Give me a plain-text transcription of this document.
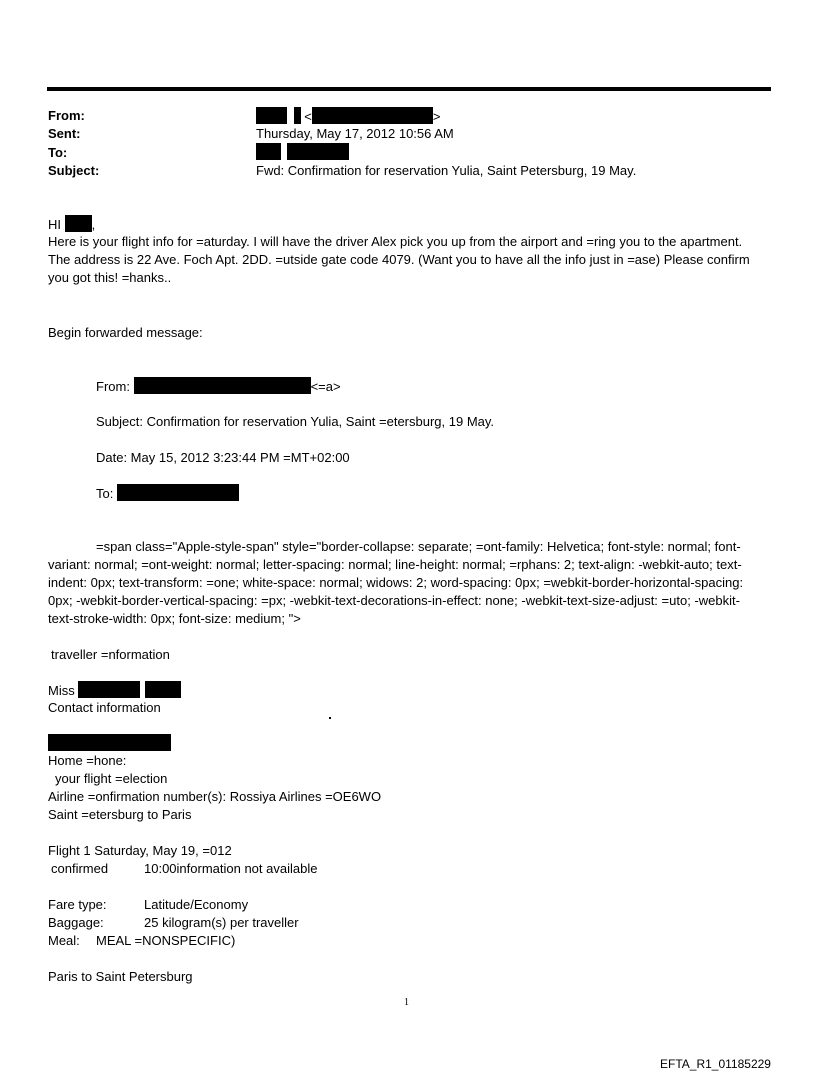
From:	<	>
Sent:	Thursday, May 17, 2012 10:56 AM
To:

Subject:	Fwd: Confirmation for reservation Yulia, Saint Petersburg, 19 May.
HI ,
Here is your flight info for =aturday. I will have the driver Alex pick you up from the airport and =ring you to the apartment. The address is 22 Ave. Foch Apt. 2DD. =utside gate code 4079. (Want you to have all the info just in =ase) Please confirm you got this! =hanks..
Begin forwarded message:
From:	<=a>
Subject: Confirmation for reservation Yulia, Saint =etersburg, 19 May.
Date: May 15, 2012 3:23:44 PM =MT+02:00
To:
=span class="Apple-style-span" style="border-collapse: separate; =ont-family: Helvetica; font-style: normal; font-variant: normal; =ont-weight: normal; letter-spacing: normal; line-height: normal; =rphans: 2; text-align: -webkit-auto; text-indent: 0px; text-transform: =one; white-space: normal; widows: 2; word-spacing: 0px; =webkit-border-horizontal-spacing: 0px; -webkit-border-vertical-spacing: =px; -webkit-text-decorations-in-effect: none; -webkit-text-size-adjust: =uto; -webkit-text-stroke-width: 0px; font-size: medium; ">
traveller =nformation
Miss
Contact information
Home =hone:
your flight =election
Airline =onfirmation number(s): Rossiya Airlines =OE6WO
Saint =etersburg to Paris
Flight 1 Saturday, May 19, =012
confirmed	10:00information not available
Fare type:	Latitude/Economy
Baggage:	25 kilogram(s) per traveller
Meal: MEAL =NONSPECIFIC)
Paris to Saint Petersburg
1
EFTA_R1_01185229
